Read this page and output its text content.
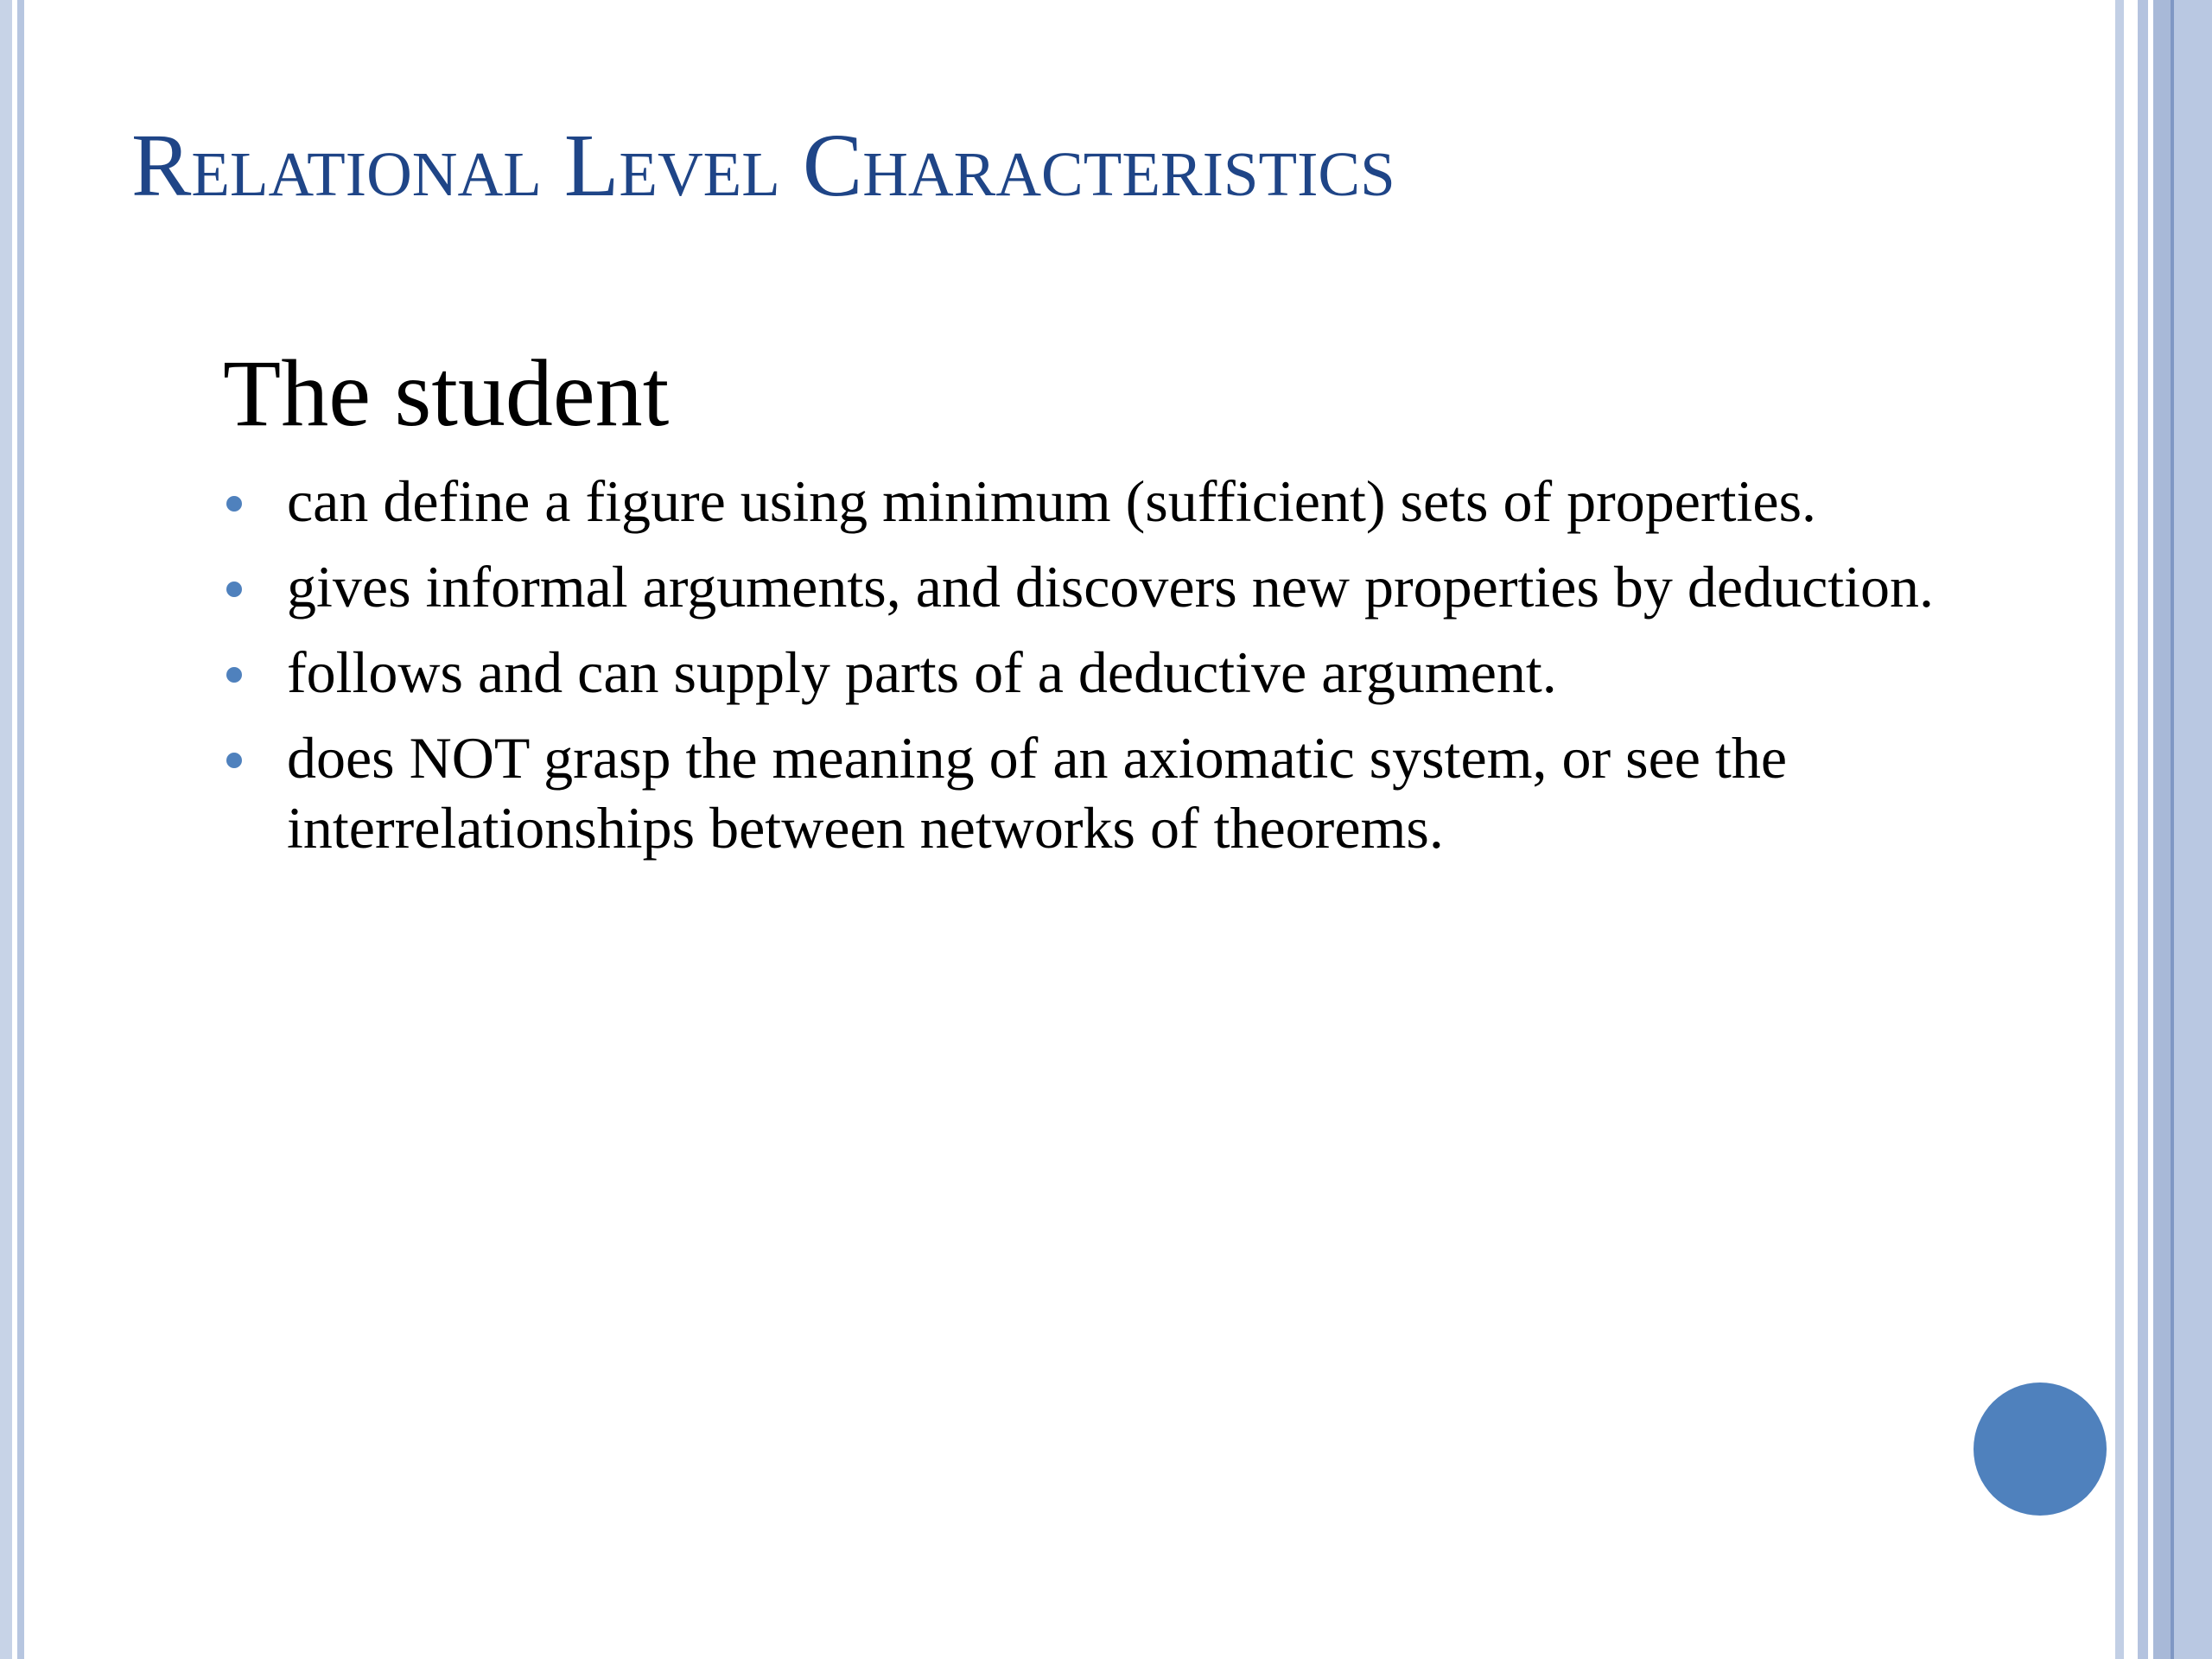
Relational Level Characteristics
The student
can define a figure using minimum (sufficient) sets of properties.
gives informal arguments, and discovers new properties by deduction.
follows and can supply parts of a deductive argument.
does NOT grasp the meaning of an axiomatic system, or see the interrelationships between networks of theorems.
